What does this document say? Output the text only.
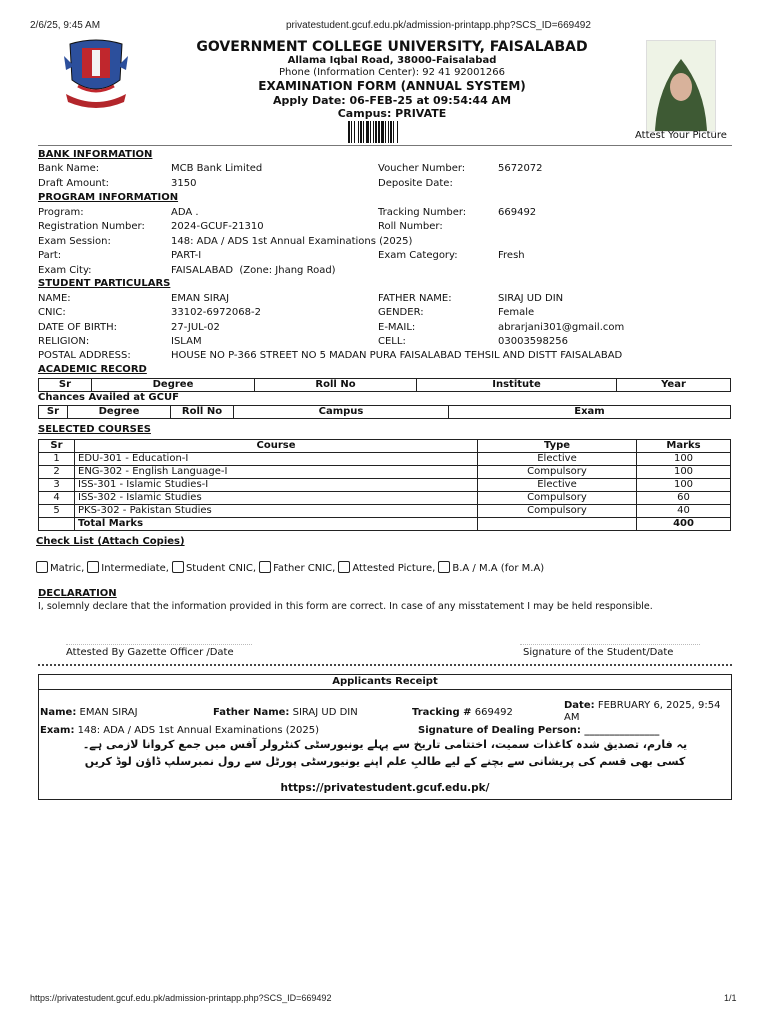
2/6/25, 9:45 AM	privatestudent.gcuf.edu.pk/admission-printapp.php?SCS_ID=669492
GOVERNMENT COLLEGE UNIVERSITY, FAISALABAD
Allama Iqbal Road, 38000-Faisalabad
Phone (Information Center): 92 41 92001266
EXAMINATION FORM (ANNUAL SYSTEM)
Apply Date: 06-FEB-25 at 09:54:44 AM
Campus: PRIVATE
Attest Your Picture
BANK INFORMATION
Bank Name:	MCB Bank Limited	Voucher Number:	5672072
Draft Amount:	3150	Deposite Date:
PROGRAM INFORMATION
Program:	ADA .	Tracking Number:	669492
Registration Number:	2024-GCUF-21310	Roll Number:
Exam Session:	148: ADA / ADS 1st Annual Examinations (2025)
Part:	PART-I	Exam Category:	Fresh
Exam City:	FAISALABAD  (Zone: Jhang Road)
STUDENT PARTICULARS
NAME:	EMAN SIRAJ	FATHER NAME:	SIRAJ UD DIN
CNIC:	33102-6972068-2	GENDER:	Female
DATE OF BIRTH:	27-JUL-02	E-MAIL:	abrarjani301@gmail.com
RELIGION:	ISLAM	CELL:	03003598256
POSTAL ADDRESS:	HOUSE NO P-366 STREET NO 5 MADAN PURA FAISALABAD TEHSIL AND DISTT FAISALABAD
ACADEMIC RECORD
Sr	Degree	Roll No	Institute	Year
Chances Availed at GCUF
Sr	Degree	Roll No	Campus	Exam
SELECTED COURSES
Sr	Course	Type	Marks
1	EDU-301 - Education-I	Elective	100
2	ENG-302 - English Language-I	Compulsory	100
3	ISS-301 - Islamic Studies-I	Elective	100
4	ISS-302 - Islamic Studies	Compulsory	60
5	PKS-302 - Pakistan Studies	Compulsory	40
	Total Marks		400
Check List (Attach Copies)
Matric, Intermediate, Student CNIC, Father CNIC, Attested Picture, B.A / M.A (for M.A)
DECLARATION
I, solemnly declare that the information provided in this form are correct. In case of any misstatement I may be held responsible.
Attested By Gazette Officer /Date	Signature of the Student/Date
Applicants Receipt
Name: EMAN SIRAJ	Father Name: SIRAJ UD DIN	Tracking # 669492
Date: FEBRUARY 6, 2025, 9:54 AM
Exam: 148: ADA / ADS 1st Annual Examinations (2025)	Signature of Dealing Person: _______________
یہ فارم، تصدیق شدہ کاغذات سمیت، اختتامی تاریخ سے پہلے یونیورسٹی کنٹرولر آفس میں جمع کروانا لازمی ہے۔
کسی بھی قسم کی پریشانی سے بچنے کے لیے طالبِ علم اپنے یونیورسٹی پورٹل سے رول نمبرسلپ ڈاؤن لوڈ کریں
https://privatestudent.gcuf.edu.pk/
https://privatestudent.gcuf.edu.pk/admission-printapp.php?SCS_ID=669492	1/1
